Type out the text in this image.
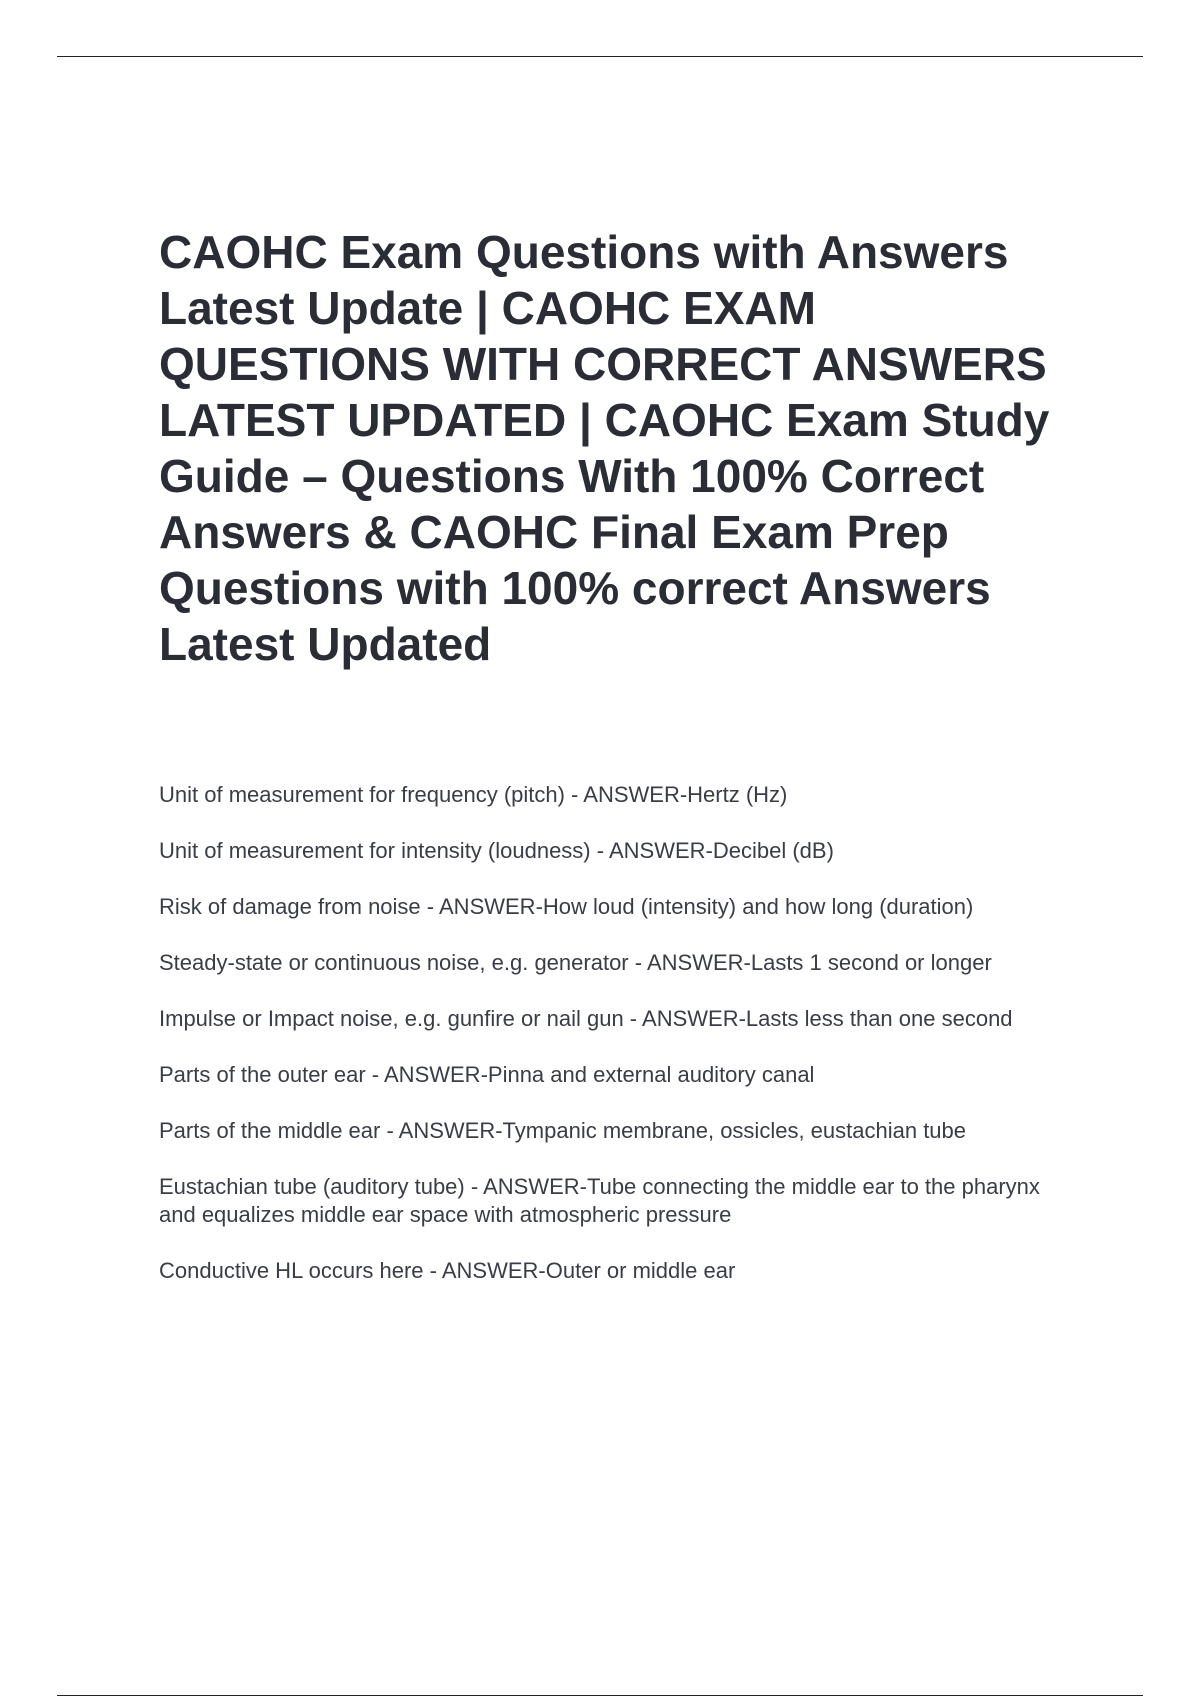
CAOHC Exam Questions with Answers Latest Update | CAOHC EXAM QUESTIONS WITH CORRECT ANSWERS LATEST UPDATED | CAOHC Exam Study Guide – Questions With 100% Correct Answers & CAOHC Final Exam Prep Questions with 100% correct Answers Latest Updated
Unit of measurement for frequency (pitch) - ANSWER-Hertz (Hz)
Unit of measurement for intensity (loudness) - ANSWER-Decibel (dB)
Risk of damage from noise - ANSWER-How loud (intensity) and how long (duration)
Steady-state or continuous noise, e.g. generator - ANSWER-Lasts 1 second or longer
Impulse or Impact noise, e.g. gunfire or nail gun - ANSWER-Lasts less than one second
Parts of the outer ear - ANSWER-Pinna and external auditory canal
Parts of the middle ear - ANSWER-Tympanic membrane, ossicles, eustachian tube
Eustachian tube (auditory tube) - ANSWER-Tube connecting the middle ear to the pharynx and equalizes middle ear space with atmospheric pressure
Conductive HL occurs here - ANSWER-Outer or middle ear
